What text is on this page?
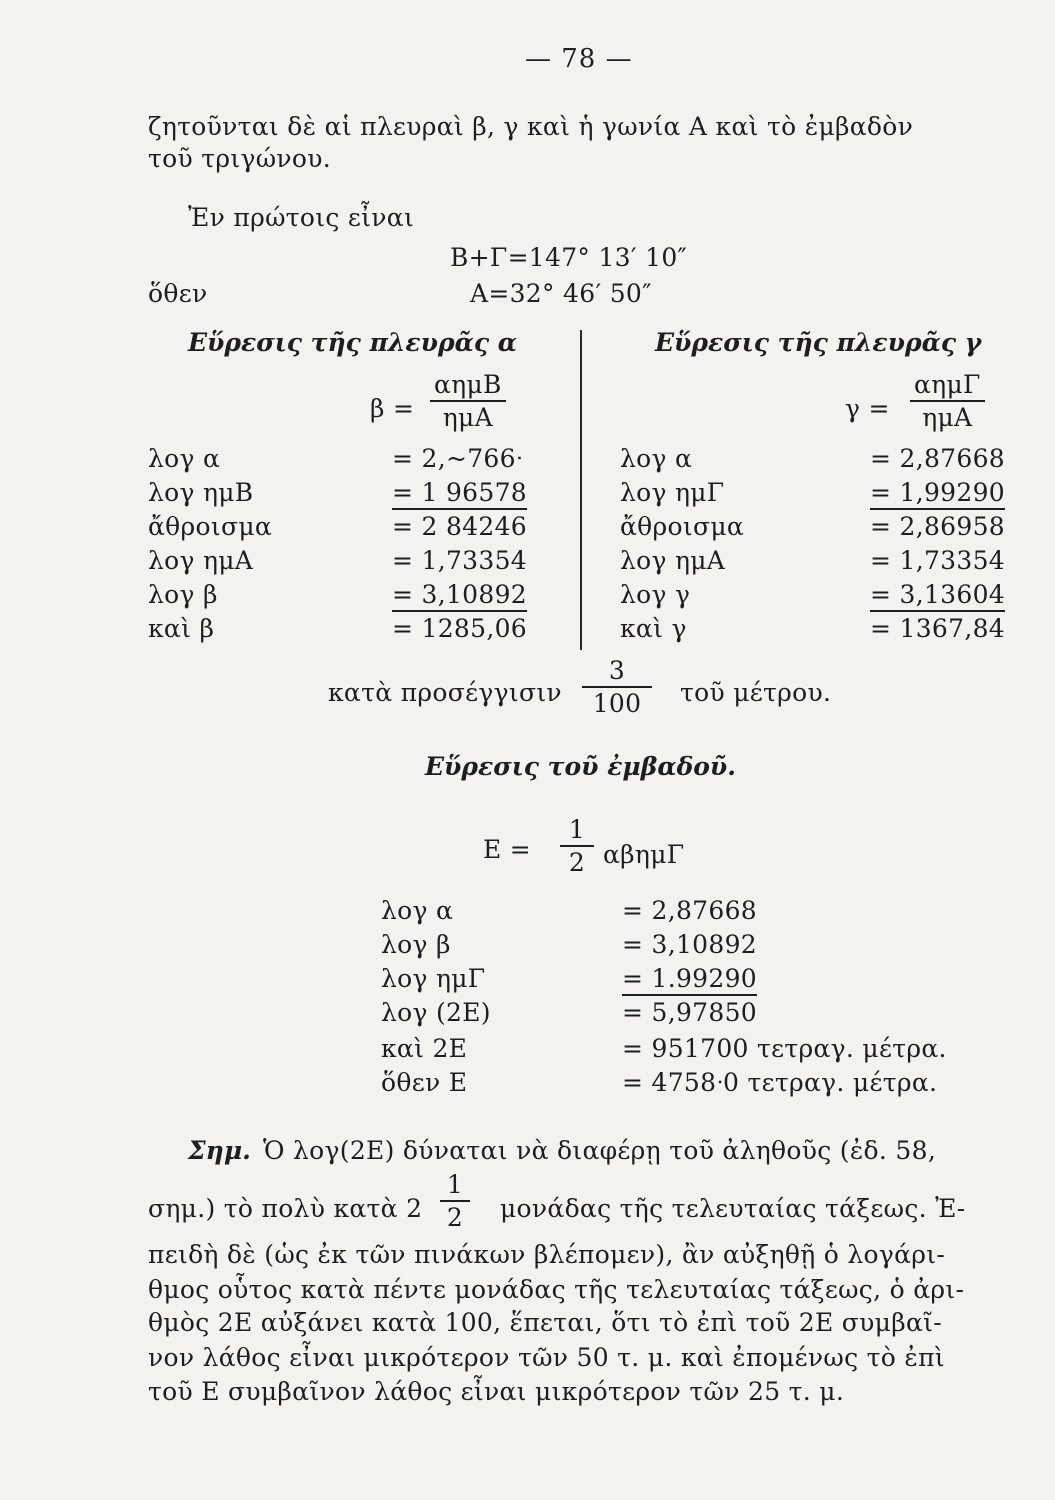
— 78 —
ζητοῦνται δὲ αἱ πλευραὶ β, γ καὶ ἡ γωνία Α καὶ τὸ ἐμβαδὸν
τοῦ τριγώνου.
Ἐν πρώτοις εἶναι
Β+Γ=147° 13′ 10″
ὅθεν	Α=32° 46′ 50″
Εὕρεσις τῆς πλευρᾶς α	Εὕρεσις τῆς πλευρᾶς γ
β =
αημΒ
ημΑ	γ =
αημΓ
ημΑ
λογ α	= 2,~766ᐧ
λογ ημΒ	= 1 96578
ἄθροισμα	= 2 84246
λογ ημΑ	= 1,73354
λογ β	= 3,10892
καὶ β	= 1285,06
λογ α	= 2,87668
λογ ημΓ	= 1,99290
ἄθροισμα	= 2,86958
λογ ημΑ	= 1,73354
λογ γ	= 3,13604
καὶ γ	= 1367,84
κατὰ προσέγγισιν $\frac{3}{100}$ τοῦ μέτρου.
Εὕρεσις τοῦ ἐμβαδοῦ.
$E = \frac{1}{2}$ αβημΓ
λογ α	= 2,87668
λογ β	= 3,10892
λογ ημΓ	= 1.99290
λογ (2Ε)	= 5,97850
καὶ 2Ε	= 951700 τετραγ. μέτρα.
ὅθεν Ε	= 4758ᐧ0 τετραγ. μέτρα.
Σημ. Ὁ λογ(2Ε) δύναται νὰ διαφέρῃ τοῦ ἀληθοῦς (ἐδ. 58,
σημ.) τὸ πολὺ κατὰ $2 \frac{1}{2}$ μονάδας τῆς τελευταίας τάξεως. Ἐ-
πειδὴ δὲ (ὡς ἐκ τῶν πινάκων βλέπομεν), ἂν αὐξηθῇ ὁ λογάρι-
θμος οὗτος κατὰ πέντε μονάδας τῆς τελευταίας τάξεως, ὁ ἀρι-
θμὸς 2Ε αὐξάνει κατὰ 100, ἕπεται, ὅτι τὸ ἐπὶ τοῦ 2Ε συμβαῖ-
νον λάθος εἶναι μικρότερον τῶν 50 τ. μ. καὶ ἐπομένως τὸ ἐπὶ
τοῦ Ε συμβαῖνον λάθος εἶναι μικρότερον τῶν 25 τ. μ.
